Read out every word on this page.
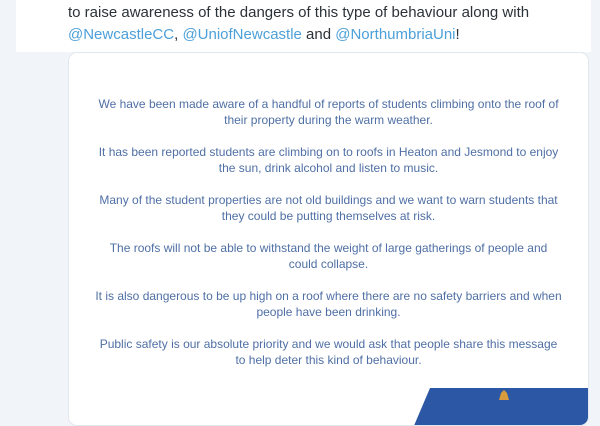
to raise awareness of the dangers of this type of behaviour along with @NewcastleCC, @UniofNewcastle and @NorthumbriaUni!

We have been made aware of a handful of reports of students climbing onto the roof of their property during the warm weather.

It has been reported students are climbing on to roofs in Heaton and Jesmond to enjoy the sun, drink alcohol and listen to music.

Many of the student properties are not old buildings and we want to warn students that they could be putting themselves at risk.

The roofs will not be able to withstand the weight of large gatherings of people and could collapse.

It is also dangerous to be up high on a roof where there are no safety barriers and when people have been drinking.

Public safety is our absolute priority and we would ask that people share this message to help deter this kind of behaviour.
